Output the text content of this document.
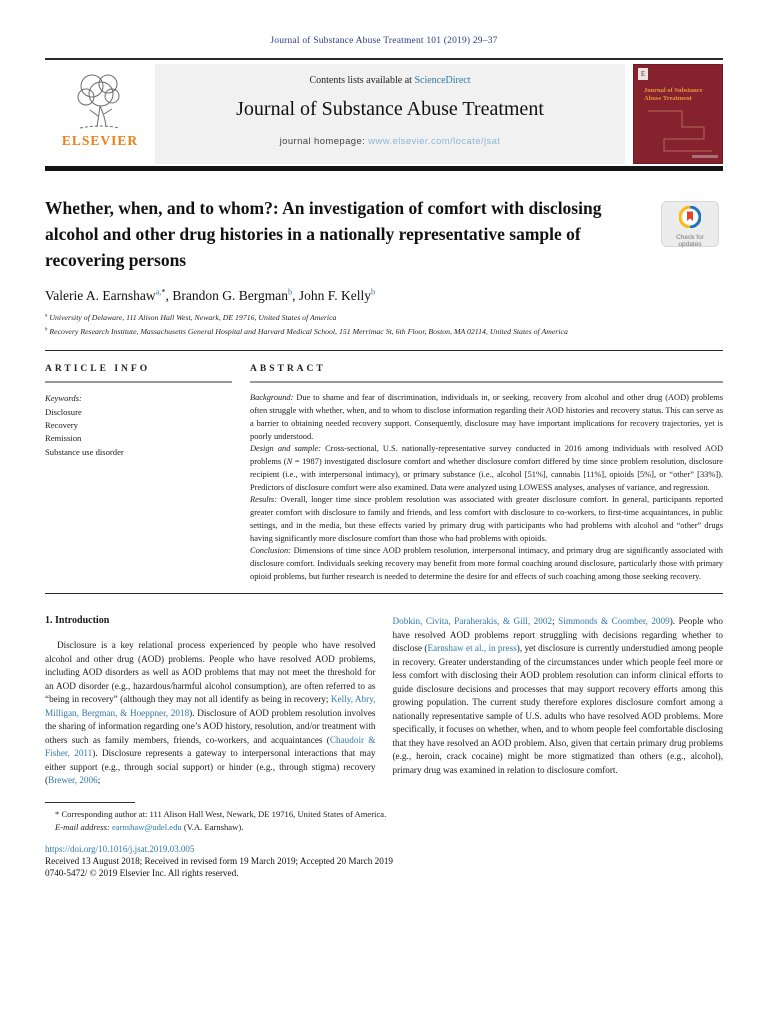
Journal of Substance Abuse Treatment 101 (2019) 29–37
ELSEVIER
Contents lists available at ScienceDirect
Journal of Substance Abuse Treatment
journal homepage: www.elsevier.com/locate/jsat
E
Journal of Substance Abuse Treatment
Whether, when, and to whom?: An investigation of comfort with disclosing alcohol and other drug histories in a nationally representative sample of recovering persons
Check for updates
Valerie A. Earnshaw$^{a,*}$, Brandon G. Bergman$^b$, John F. Kelly$^b$
$^a$ University of Delaware, 111 Alison Hall West, Newark, DE 19716, United States of America
$^b$ Recovery Research Institute, Massachusetts General Hospital and Harvard Medical School, 151 Merrimac St, 6th Floor, Boston, MA 02114, United States of America
ARTICLE INFO
Keywords:
Disclosure
Recovery
Remission
Substance use disorder
ABSTRACT

Background: Due to shame and fear of discrimination, individuals in, or seeking, recovery from alcohol and other drug (AOD) problems often struggle with whether, when, and to whom to disclose information regarding their AOD histories and recovery status. This can serve as a barrier to obtaining needed recovery support. Consequently, disclosure may have important implications for recovery trajectories, yet is poorly understood.

Design and sample: Cross-sectional, U.S. nationally-representative survey conducted in 2016 among individuals with resolved AOD problems (N = 1987) investigated disclosure comfort and whether disclosure comfort differed by time since problem resolution, disclosure recipient (i.e., with interpersonal intimacy), or primary substance (i.e., alcohol [51%], cannabis [11%], opioids [5%], or “other” [33%]). Predictors of disclosure comfort were also examined. Data were analyzed using LOWESS analyses, analyses of variance, and regression.

Results: Overall, longer time since problem resolution was associated with greater disclosure comfort. In general, participants reported greater comfort with disclosure to family and friends, and less comfort with disclosure to co-workers, to first-time acquaintances, in public settings, and in the media, but these effects varied by primary drug with participants who had problems with alcohol and “other” drugs having significantly more disclosure comfort than those who had problems with opioids.

Conclusion: Dimensions of time since AOD problem resolution, interpersonal intimacy, and primary drug are significantly associated with disclosure comfort. Individuals seeking recovery may benefit from more formal coaching around disclosure, particularly those with primary opioid problems, but further research is needed to determine the desire for and effects of such coaching among those seeking recovery.

1. Introduction

Disclosure is a key relational process experienced by people who have resolved alcohol and other drug (AOD) problems. People who have resolved AOD problems, including AOD disorders as well as AOD problems that may not meet the threshold for an AOD disorder (e.g., hazardous/harmful alcohol consumption), are often referred to as “being in recovery” (although they may not all identify as being in recovery; Kelly, Abry, Milligan, Bergman, & Hoeppner, 2018). Disclosure of AOD problem resolution involves the sharing of information regarding one’s AOD history, resolution, and/or treatment with others such as family members, friends, co-workers, and acquaintances (Chaudoir & Fisher, 2011). Disclosure represents a gateway to interpersonal interactions that may either support (e.g., through social support) or hinder (e.g., through stigma) recovery (Brewer, 2006;

Dobkin, Civita, Paraherakis, & Gill, 2002; Simmonds & Coomber, 2009). People who have resolved AOD problems report struggling with decisions regarding whether to disclose (Earnshaw et al., in press), yet disclosure is currently understudied among people in recovery. Greater understanding of the circumstances under which people feel more or less comfort with disclosing their AOD problem resolution can inform clinical efforts to guide disclosure decisions and processes that may support recovery efforts among this growing population. The current study therefore explores disclosure comfort among a nationally representative sample of U.S. adults who have resolved AOD problems. More specifically, it focuses on whether, when, and to whom people feel comfortable disclosing that they have resolved an AOD problem. Also, given that certain primary drug problems (e.g., heroin, crack cocaine) might be more stigmatized than others (e.g., alcohol), primary drug was examined in relation to disclosure comfort.

* Corresponding author at: 111 Alison Hall West, Newark, DE 19716, United States of America.
E-mail address: earnshaw@udel.edu (V.A. Earnshaw).
https://doi.org/10.1016/j.jsat.2019.03.005
Received 13 August 2018; Received in revised form 19 March 2019; Accepted 20 March 2019
0740-5472/ © 2019 Elsevier Inc. All rights reserved.
